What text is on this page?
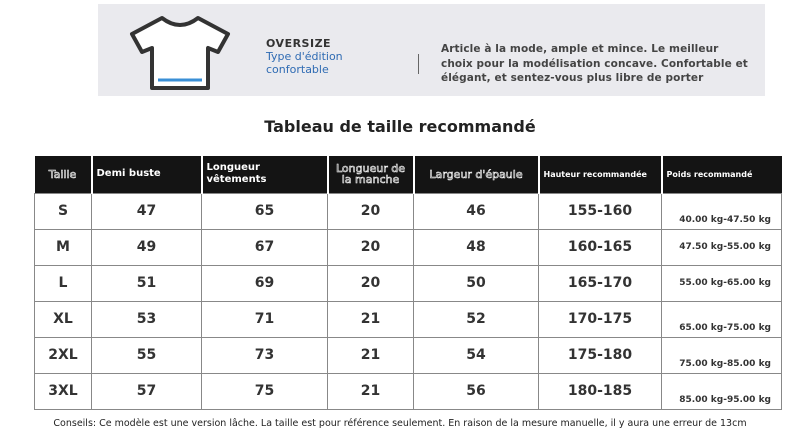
OVERSIZE
Type d'édition
confortable
Article à la mode, ample et mince. Le meilleur choix pour la modélisation concave. Confortable et élégant, et sentez-vous plus libre de porter
Tableau de taille recommandé
Taille	Demi buste	Longueur vêtements	Longueur de la manche	Largeur d'épaule	Hauteur recommandée	Poids recommandé
S	47	65	20	46	155-160	40.00 kg-47.50 kg
M	49	67	20	48	160-165	47.50 kg-55.00 kg
L	51	69	20	50	165-170	55.00 kg-65.00 kg
XL	53	71	21	52	170-175	65.00 kg-75.00 kg
2XL	55	73	21	54	175-180	75.00 kg-85.00 kg
3XL	57	75	21	56	180-185	85.00 kg-95.00 kg
Conseils: Ce modèle est une version lâche. La taille est pour référence seulement. En raison de la mesure manuelle, il y aura une erreur de 13cm
